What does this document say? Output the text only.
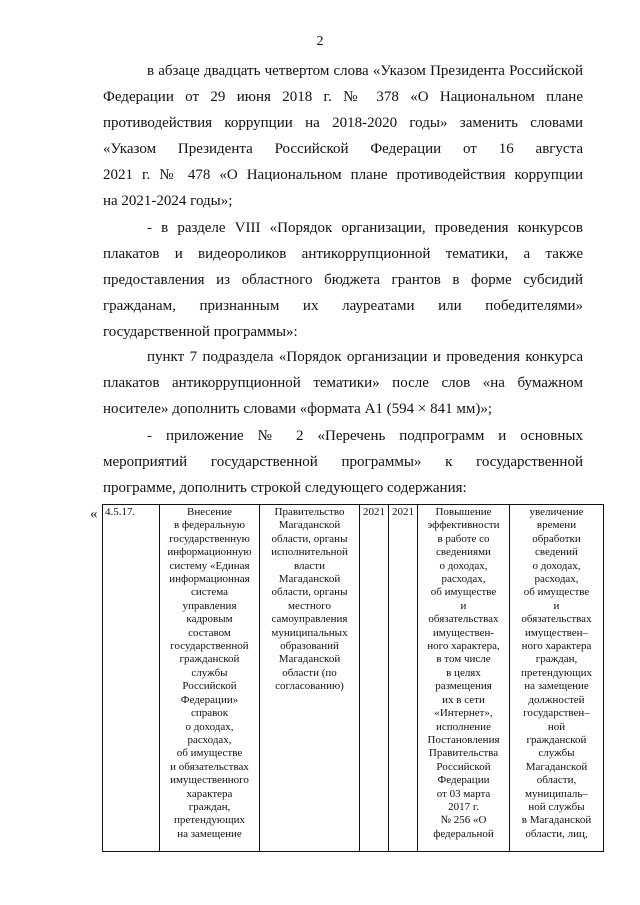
2
в абзаце двадцать четвертом слова «Указом Президента Российской
Федерации от 29 июня 2018 г. № 378 «О Национальном плане
противодействия коррупции на 2018-2020 годы» заменить словами
«Указом Президента Российской Федерации от 16 августа
2021 г. № 478 «О Национальном плане противодействия коррупции
на 2021-2024 годы»;
- в разделе VIII «Порядок организации, проведения конкурсов
плакатов и видеороликов антикоррупционной тематики, а также
предоставления из областного бюджета грантов в форме субсидий
гражданам, признанным их лауреатами или победителями»
государственной программы»:
пункт 7 подраздела «Порядок организации и проведения конкурса
плакатов антикоррупционной тематики» после слов «на бумажном
носителе» дополнить словами «формата А1 (594 × 841 мм)»;
- приложение № 2 «Перечень подпрограмм и основных
мероприятий государственной программы» к государственной
программе, дополнить строкой следующего содержания:
« 4.5.17.	Внесение
в федеральную
государственную
информационную
систему «Единая
информационная
система
управления
кадровым
составом
государственной
гражданской
службы
Российской
Федерации»
справок
о доходах,
расходах,
об имуществе
и обязательствах
имущественного
характера
граждан,
претендующих
на замещение

Правительство
Магаданской
области, органы
исполнительной
власти
Магаданской
области, органы
местного
самоуправления
муниципальных
образований
Магаданской
области (по
согласованию)

2021	2021	Повышение
эффективности
в работе со
сведениями
о доходах,
расходах,
об имуществе
и
обязательствах
имуществен-
ного характера,
в том числе
в целях
размещения
их в сети
«Интернет»,
исполнение
Постановления
Правительства
Российской
Федерации
от 03 марта
2017 г.
№ 256 «О
федеральной

увеличение
времени
обработки
сведений
о доходах,
расходах,
об имуществе
и
обязательствах
имуществен–
ного характера
граждан,
претендующих
на замещение
должностей
государствен–
ной
гражданской
службы
Магаданской
области,
муниципаль–
ной службы
в Магаданской
области, лиц,
